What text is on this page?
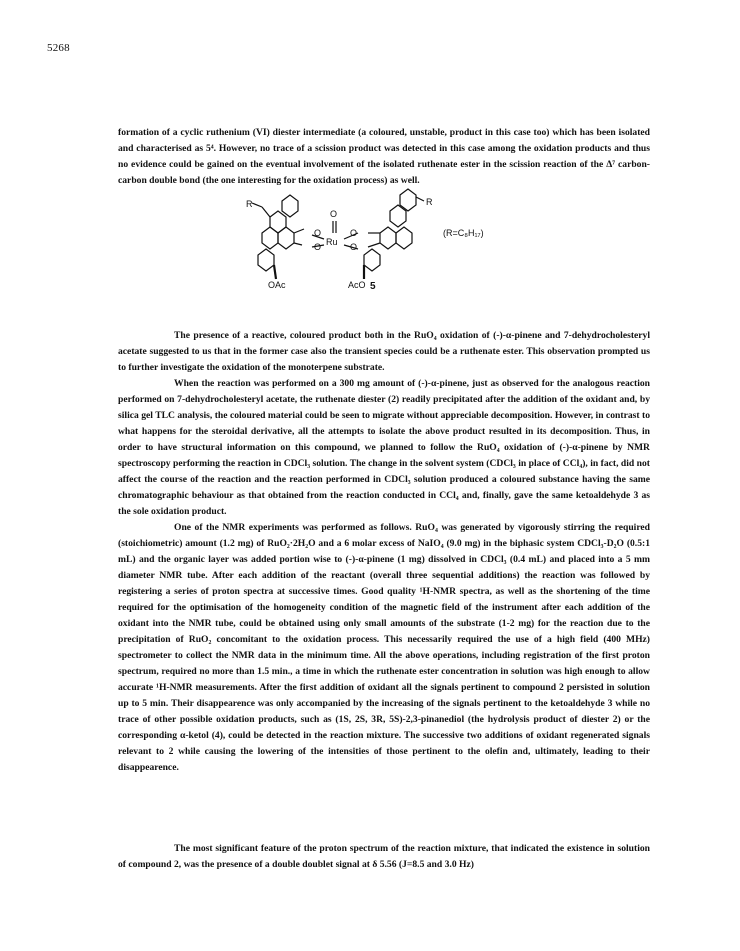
5268

formation of a cyclic ruthenium (VI) diester intermediate (a coloured, unstable, product in this case too) which has been isolated and characterised as 5⁴. However, no trace of a scission product was detected in this case among the oxidation products and thus no evidence could be gained on the eventual involvement of the isolated ruthenate ester in the scission reaction of the Δ⁷ carbon-carbon double bond (the one interesting for the oxidation process) as well.

R	R
O
Ru
O
O
O
O
OAc	AcO
(R=C₈H₁₇)
5

The presence of a reactive, coloured product both in the RuO₄ oxidation of (-)-α-pinene and 7-dehydrocholesteryl acetate suggested to us that in the former case also the transient species could be a ruthenate ester. This observation prompted us to further investigate the oxidation of the monoterpene substrate.

When the reaction was performed on a 300 mg amount of (-)-α-pinene, just as observed for the analogous reaction performed on 7-dehydrocholesteryl acetate, the ruthenate diester (2) readily precipitated after the addition of the oxidant and, by silica gel TLC analysis, the coloured material could be seen to migrate without appreciable decomposition. However, in contrast to what happens for the steroidal derivative, all the attempts to isolate the above product resulted in its decomposition. Thus, in order to have structural information on this compound, we planned to follow the RuO₄ oxidation of (-)-α-pinene by NMR spectroscopy performing the reaction in CDCl₃ solution. The change in the solvent system (CDCl₃ in place of CCl₄), in fact, did not affect the course of the reaction and the reaction performed in CDCl₃ solution produced a coloured substance having the same chromatographic behaviour as that obtained from the reaction conducted in CCl₄ and, finally, gave the same ketoaldehyde 3 as the sole oxidation product.

One of the NMR experiments was performed as follows. RuO₄ was generated by vigorously stirring the required (stoichiometric) amount (1.2 mg) of RuO₂·2H₂O and a 6 molar excess of NaIO₄ (9.0 mg) in the biphasic system CDCl₃-D₂O (0.5:1 mL) and the organic layer was added portion wise to (-)-α-pinene (1 mg) dissolved in CDCl₃ (0.4 mL) and placed into a 5 mm diameter NMR tube. After each addition of the reactant (overall three sequential additions) the reaction was followed by registering a series of proton spectra at successive times. Good quality ¹H-NMR spectra, as well as the shortening of the time required for the optimisation of the homogeneity condition of the magnetic field of the instrument after each addition of the oxidant into the NMR tube, could be obtained using only small amounts of the substrate (1-2 mg) for the reaction due to the precipitation of RuO₂ concomitant to the oxidation process. This necessarily required the use of a high field (400 MHz) spectrometer to collect the NMR data in the minimum time. All the above operations, including registration of the first proton spectrum, required no more than 1.5 min., a time in which the ruthenate ester concentration in solution was high enough to allow accurate ¹H-NMR measurements. After the first addition of oxidant all the signals pertinent to compound 2 persisted in solution up to 5 min. Their disappearence was only accompanied by the increasing of the signals pertinent to the ketoaldehyde 3 while no trace of other possible oxidation products, such as (1S, 2S, 3R, 5S)-2,3-pinanediol (the hydrolysis product of diester 2) or the corresponding α-ketol (4), could be detected in the reaction mixture. The successive two additions of oxidant regenerated signals relevant to 2 while causing the lowering of the intensities of those pertinent to the olefin and, ultimately, leading to their disappearence.

The most significant feature of the proton spectrum of the reaction mixture, that indicated the existence in solution of compound 2, was the presence of a double doublet signal at δ 5.56 (J=8.5 and 3.0 Hz)
